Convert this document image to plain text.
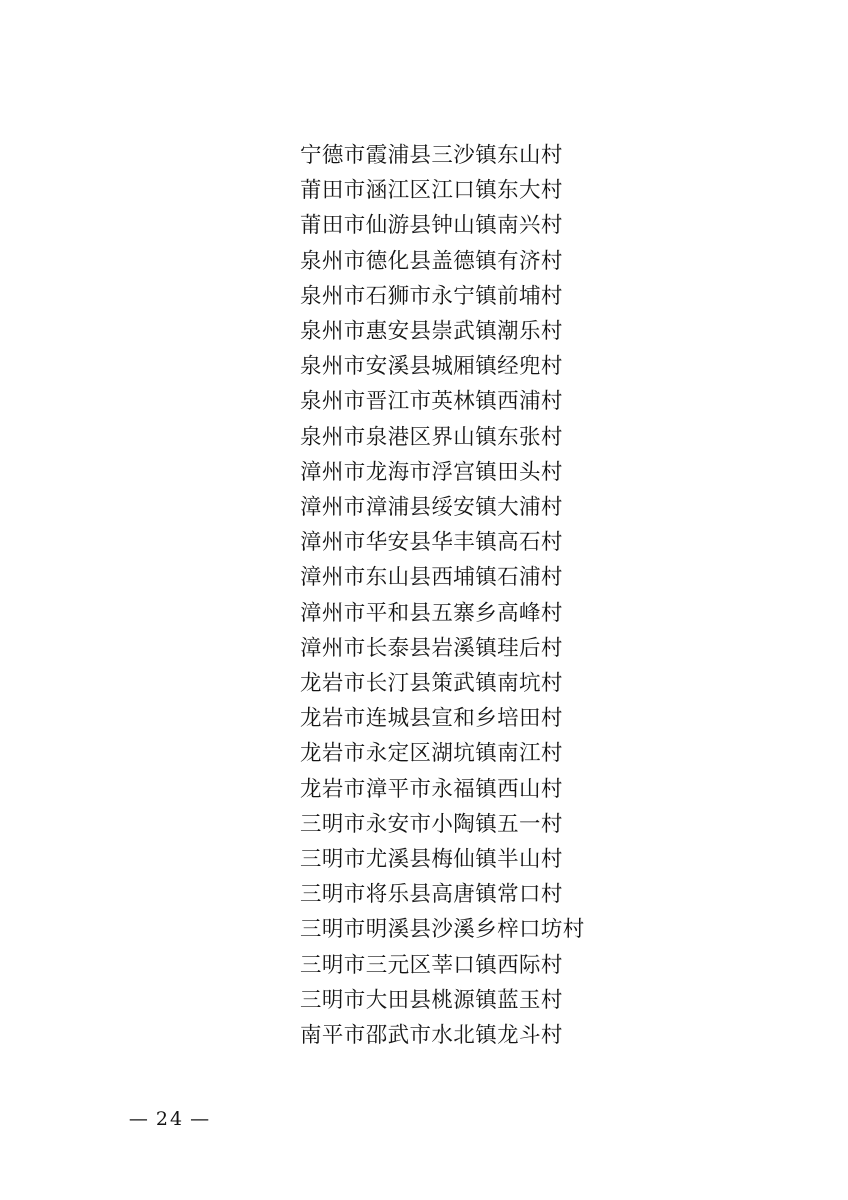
宁德市霞浦县三沙镇东山村
莆田市涵江区江口镇东大村
莆田市仙游县钟山镇南兴村
泉州市德化县盖德镇有济村
泉州市石狮市永宁镇前埔村
泉州市惠安县崇武镇潮乐村
泉州市安溪县城厢镇经兜村
泉州市晋江市英林镇西浦村
泉州市泉港区界山镇东张村
漳州市龙海市浮宫镇田头村
漳州市漳浦县绥安镇大浦村
漳州市华安县华丰镇高石村
漳州市东山县西埔镇石浦村
漳州市平和县五寨乡高峰村
漳州市长泰县岩溪镇珪后村
龙岩市长汀县策武镇南坑村
龙岩市连城县宣和乡培田村
龙岩市永定区湖坑镇南江村
龙岩市漳平市永福镇西山村
三明市永安市小陶镇五一村
三明市尤溪县梅仙镇半山村
三明市将乐县高唐镇常口村
三明市明溪县沙溪乡梓口坊村
三明市三元区莘口镇西际村
三明市大田县桃源镇蓝玉村
南平市邵武市水北镇龙斗村
— 24 —
